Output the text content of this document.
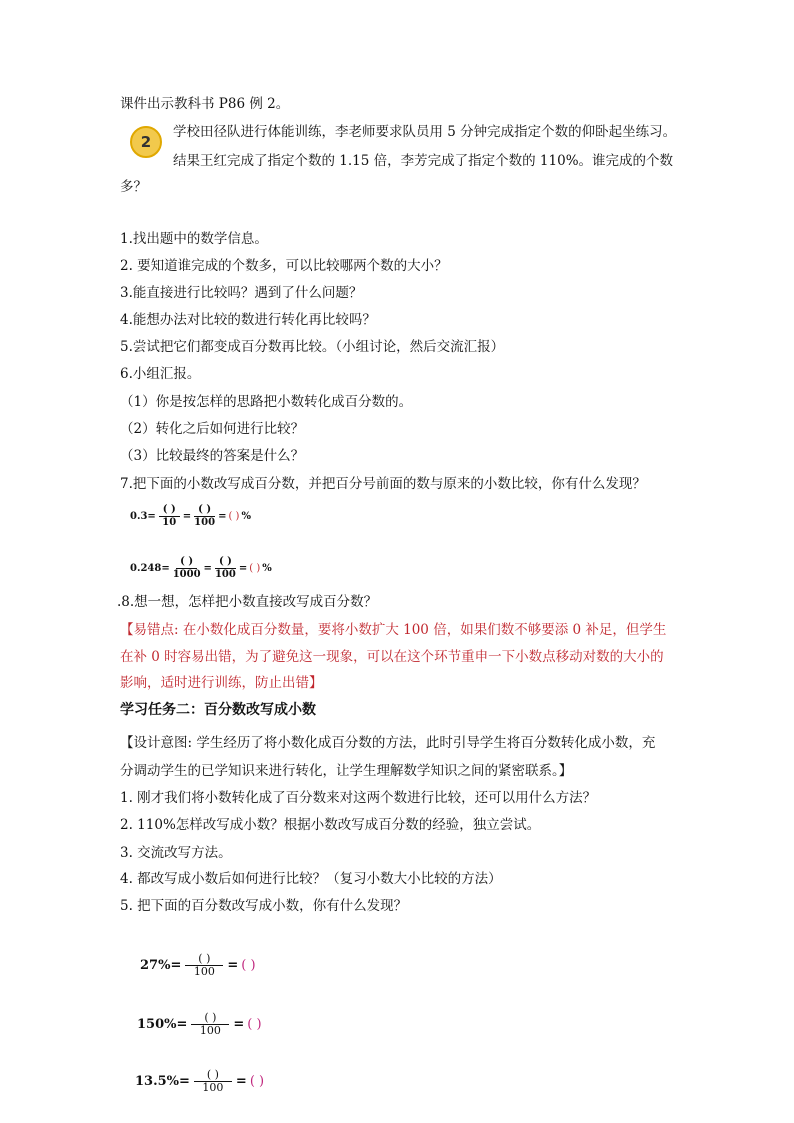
课件出示教科书 P86 例 2。
2
学校田径队进行体能训练，李老师要求队员用 5 分钟完成指定个数的仰卧起坐练习。
结果王红完成了指定个数的 1.15 倍，李芳完成了指定个数的 110%。谁完成的个数
多？
1.找出题中的数学信息。
2. 要知道谁完成的个数多，可以比较哪两个数的大小？
3.能直接进行比较吗？遇到了什么问题？
4.能想办法对比较的数进行转化再比较吗？
5.尝试把它们都变成百分数再比较。（小组讨论，然后交流汇报）
6.小组汇报。
（1）你是按怎样的思路把小数转化成百分数的。
（2）转化之后如何进行比较？
（3）比较最终的答案是什么？
7.把下面的小数改写成百分数，并把百分号前面的数与原来的小数比较，你有什么发现？
$0.3= \frac{( )}{10} = \frac{( )}{100}$ = ( ) %
$0.248= \frac{( )}{1000} = \frac{( )}{100}$ = ( ) %
.8.想一想，怎样把小数直接改写成百分数？
【易错点: 在小数化成百分数量，要将小数扩大 100 倍，如果们数不够要添 0 补足，但学生
在补 0 时容易出错，为了避免这一现象，可以在这个环节重申一下小数点移动对数的大小的
影响，适时进行训练，防止出错】
学习任务二：百分数改写成小数
【设计意图: 学生经历了将小数化成百分数的方法，此时引导学生将百分数转化成小数，充
分调动学生的已学知识来进行转化，让学生理解数学知识之间的紧密联系。】
1. 刚才我们将小数转化成了百分数来对这两个数进行比较，还可以用什么方法？
2. 110%怎样改写成小数？根据小数改写成百分数的经验，独立尝试。
3. 交流改写方法。
4. 都改写成小数后如何进行比较？（复习小数大小比较的方法）
5. 把下面的百分数改写成小数，你有什么发现？
$27\%= \frac{( )}{100}$ = ( )
$150\%= \frac{( )}{100}$ = ( )
$13.5\%= \frac{( )}{100}$ = ( )
